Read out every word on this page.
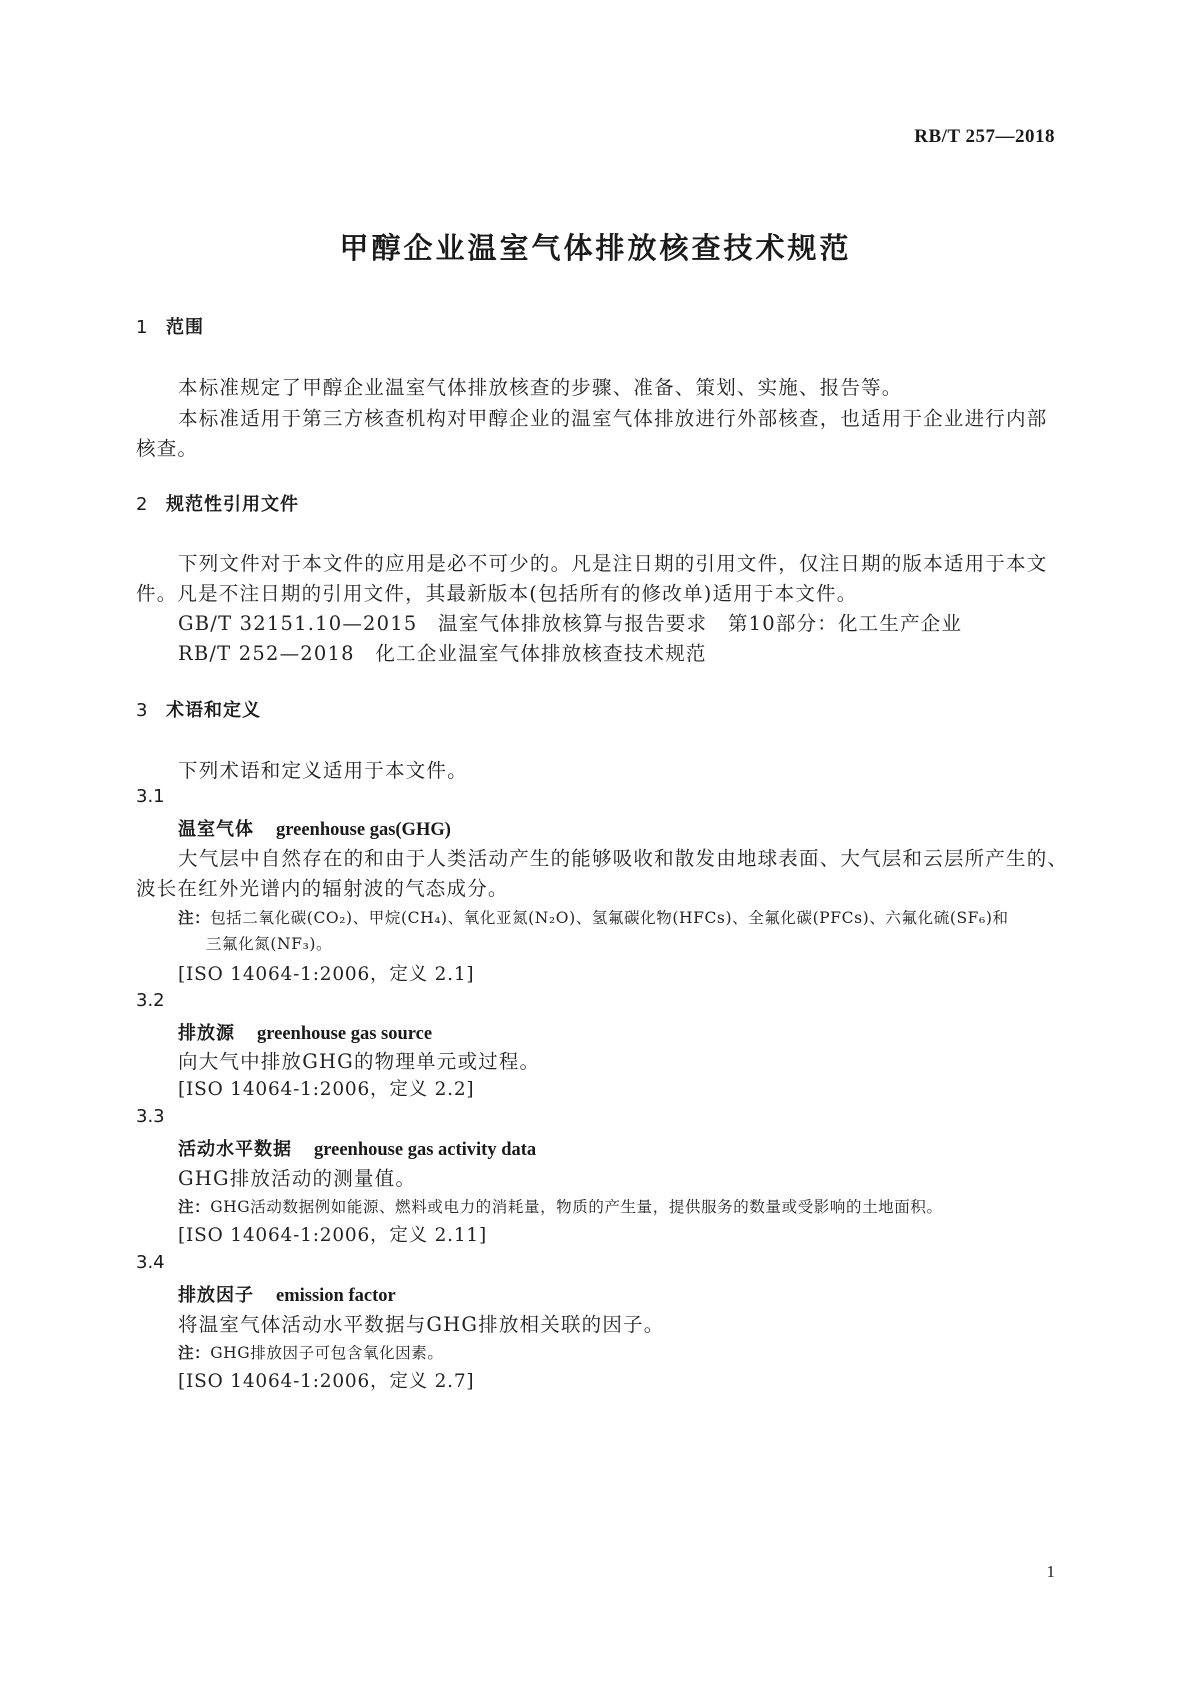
RB/T 257—2018
甲醇企业温室气体排放核查技术规范
1 范围
本标准规定了甲醇企业温室气体排放核查的步骤、准备、策划、实施、报告等。
本标准适用于第三方核查机构对甲醇企业的温室气体排放进行外部核查，也适用于企业进行内部
核查。
2 规范性引用文件
下列文件对于本文件的应用是必不可少的。凡是注日期的引用文件，仅注日期的版本适用于本文
件。凡是不注日期的引用文件，其最新版本(包括所有的修改单)适用于本文件。
GB/T 32151.10—2015　温室气体排放核算与报告要求　第10部分：化工生产企业
RB/T 252—2018　化工企业温室气体排放核查技术规范
3 术语和定义
下列术语和定义适用于本文件。
3.1
温室气体 greenhouse gas(GHG)
大气层中自然存在的和由于人类活动产生的能够吸收和散发由地球表面、大气层和云层所产生的、
波长在红外光谱内的辐射波的气态成分。
注：包括二氧化碳(CO₂)、甲烷(CH₄)、氧化亚氮(N₂O)、氢氟碳化物(HFCs)、全氟化碳(PFCs)、六氟化硫(SF₆)和
三氟化氮(NF₃)。
[ISO 14064-1:2006，定义 2.1]
3.2
排放源 greenhouse gas source
向大气中排放GHG的物理单元或过程。
[ISO 14064-1:2006，定义 2.2]
3.3
活动水平数据 greenhouse gas activity data
GHG排放活动的测量值。
注：GHG活动数据例如能源、燃料或电力的消耗量，物质的产生量，提供服务的数量或受影响的土地面积。
[ISO 14064-1:2006，定义 2.11]
3.4
排放因子 emission factor
将温室气体活动水平数据与GHG排放相关联的因子。
注：GHG排放因子可包含氧化因素。
[ISO 14064-1:2006，定义 2.7]
1
